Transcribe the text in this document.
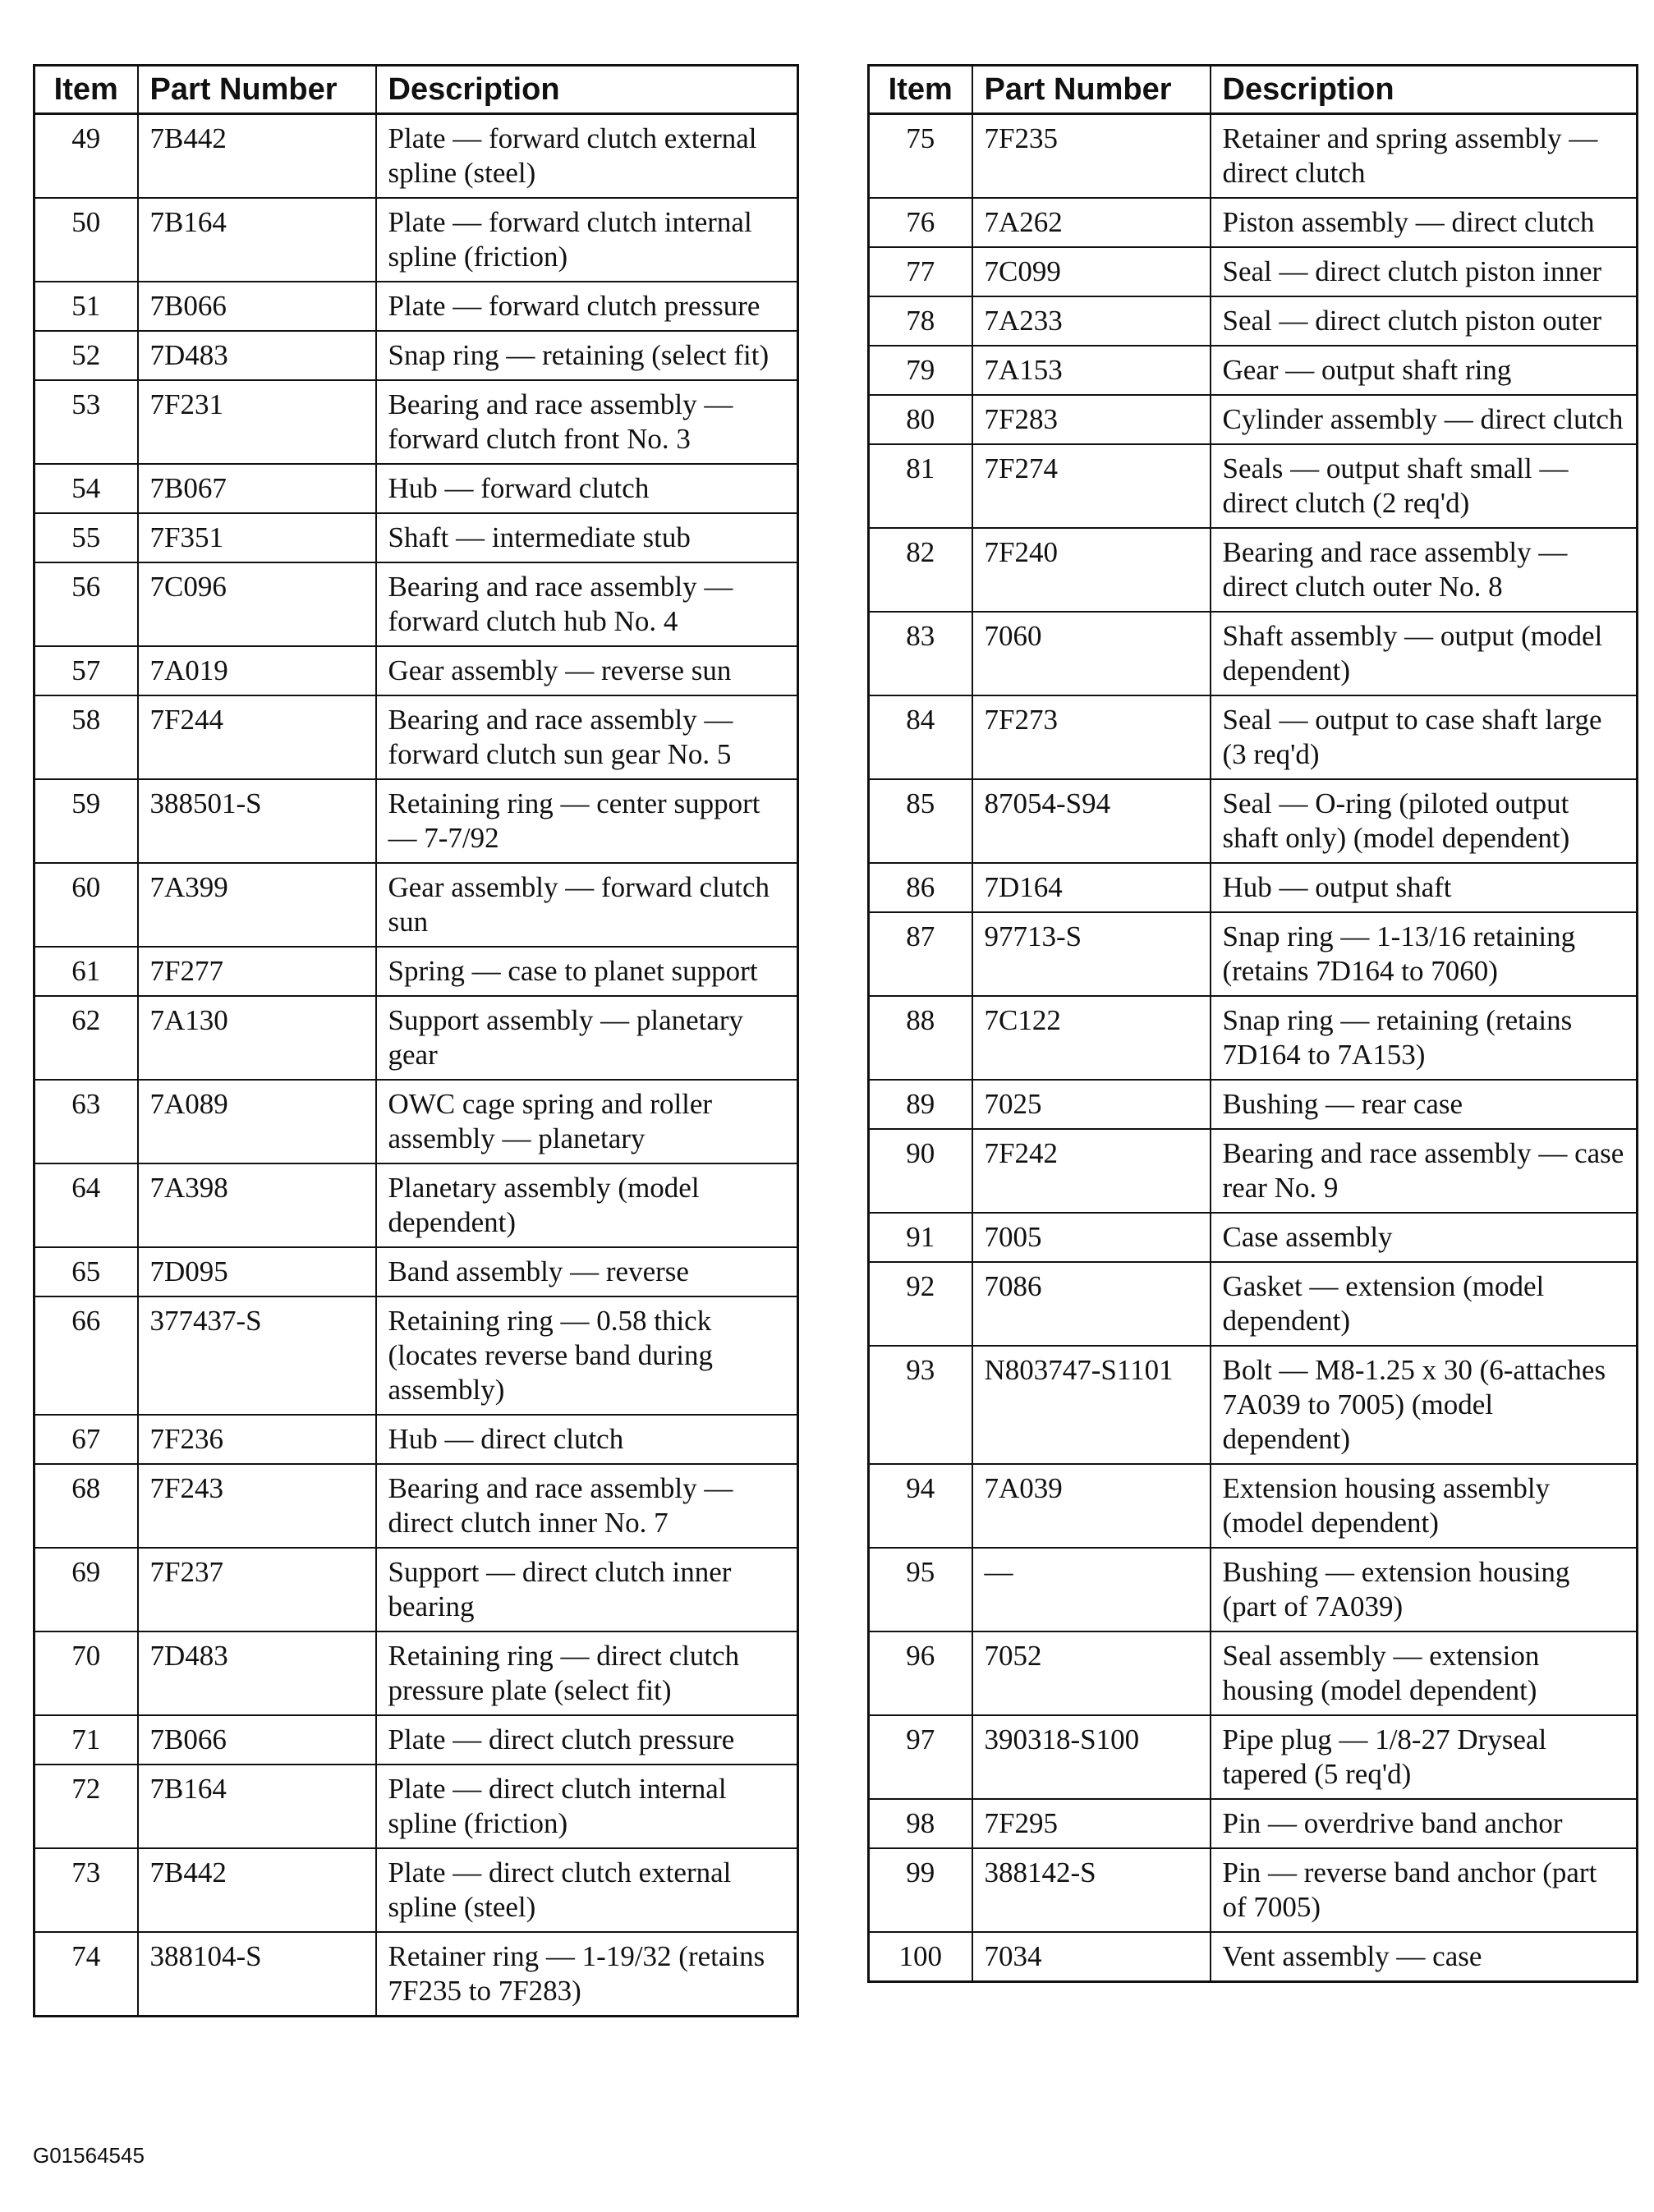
Item	Part Number	Description
49	7B442	Plate — forward clutch external spline (steel)
50	7B164	Plate — forward clutch internal spline (friction)
51	7B066	Plate — forward clutch pressure
52	7D483	Snap ring — retaining (select fit)
53	7F231	Bearing and race assembly — forward clutch front No. 3
54	7B067	Hub — forward clutch
55	7F351	Shaft — intermediate stub
56	7C096	Bearing and race assembly — forward clutch hub No. 4
57	7A019	Gear assembly — reverse sun
58	7F244	Bearing and race assembly — forward clutch sun gear No. 5
59	388501-S	Retaining ring — center support — 7-7/92
60	7A399	Gear assembly — forward clutch sun
61	7F277	Spring — case to planet support
62	7A130	Support assembly — planetary gear
63	7A089	OWC cage spring and roller assembly — planetary
64	7A398	Planetary assembly (model dependent)
65	7D095	Band assembly — reverse
66	377437-S	Retaining ring — 0.58 thick (locates reverse band during assembly)
67	7F236	Hub — direct clutch
68	7F243	Bearing and race assembly — direct clutch inner No. 7
69	7F237	Support — direct clutch inner bearing
70	7D483	Retaining ring — direct clutch pressure plate (select fit)
71	7B066	Plate — direct clutch pressure
72	7B164	Plate — direct clutch internal spline (friction)
73	7B442	Plate — direct clutch external spline (steel)
74	388104-S	Retainer ring — 1-19/32 (retains 7F235 to 7F283)
Item	Part Number	Description
75	7F235	Retainer and spring assembly — direct clutch
76	7A262	Piston assembly — direct clutch
77	7C099	Seal — direct clutch piston inner
78	7A233	Seal — direct clutch piston outer
79	7A153	Gear — output shaft ring
80	7F283	Cylinder assembly — direct clutch
81	7F274	Seals — output shaft small — direct clutch (2 req'd)
82	7F240	Bearing and race assembly — direct clutch outer No. 8
83	7060	Shaft assembly — output (model dependent)
84	7F273	Seal — output to case shaft large (3 req'd)
85	87054-S94	Seal — O-ring (piloted output shaft only) (model dependent)
86	7D164	Hub — output shaft
87	97713-S	Snap ring — 1-13/16 retaining (retains 7D164 to 7060)
88	7C122	Snap ring — retaining (retains 7D164 to 7A153)
89	7025	Bushing — rear case
90	7F242	Bearing and race assembly — case rear No. 9
91	7005	Case assembly
92	7086	Gasket — extension (model dependent)
93	N803747-S1101	Bolt — M8-1.25 x 30 (6-attaches 7A039 to 7005) (model dependent)
94	7A039	Extension housing assembly (model dependent)
95	—	Bushing — extension housing (part of 7A039)
96	7052	Seal assembly — extension housing (model dependent)
97	390318-S100	Pipe plug — 1/8-27 Dryseal tapered (5 req'd)
98	7F295	Pin — overdrive band anchor
99	388142-S	Pin — reverse band anchor (part of 7005)
100	7034	Vent assembly — case
G01564545
